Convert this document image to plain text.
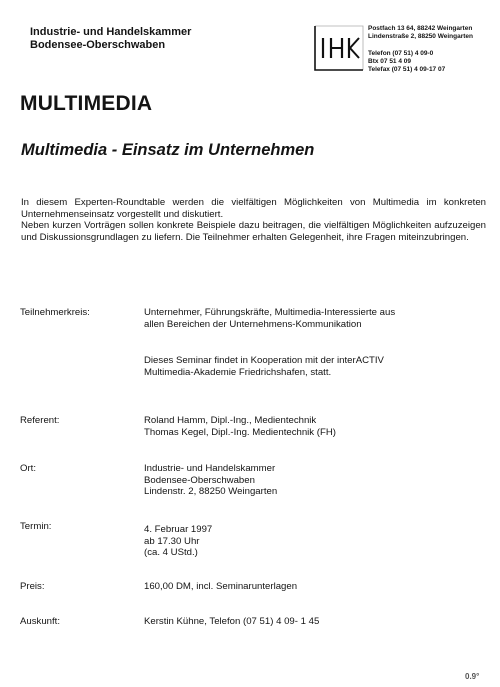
Industrie- und Handelskammer
Bodensee-Oberschwaben
Postfach 13 64, 88242 Weingarten
Lindenstraße 2, 88250 Weingarten
Telefon (07 51) 4 09-0
Btx 07 51 4 09
Telefax (07 51) 4 09-17 07
MULTIMEDIA
Multimedia - Einsatz im Unternehmen

In diesem Experten-Roundtable werden die vielfältigen Möglichkeiten von Multimedia im konkreten Unternehmenseinsatz vorgestellt und diskutiert.

Neben kurzen Vorträgen sollen konkrete Beispiele dazu beitragen, die vielfältigen Möglichkeiten aufzuzeigen und Diskussionsgrundlagen zu liefern. Die Teilnehmer erhalten Gelegenheit, ihre Fragen miteinzubringen.

Teilnehmerkreis:	Unternehmer, Führungskräfte, Multimedia-Interessierte aus
allen Bereichen der Unternehmens-Kommunikation
Dieses Seminar findet in Kooperation mit der interACTIV
Multimedia-Akademie Friedrichshafen, statt.
Referent:	Roland Hamm, Dipl.-Ing., Medientechnik
Thomas Kegel, Dipl.-Ing. Medientechnik (FH)
Ort:	Industrie- und Handelskammer
Bodensee-Oberschwaben
Lindenstr. 2, 88250 Weingarten
Termin:	4. Februar 1997
ab 17.30 Uhr
(ca. 4 UStd.)
Preis:	160,00 DM, incl. Seminarunterlagen
Auskunft:	Kerstin Kühne, Telefon (07 51) 4 09- 1 45
0.9°
